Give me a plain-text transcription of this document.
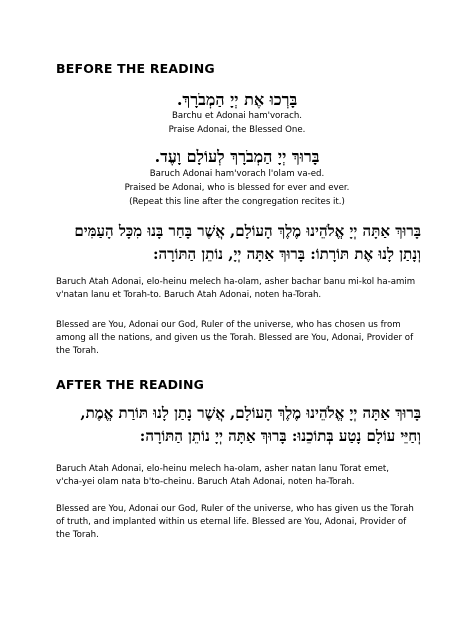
BEFORE THE READING
בָּרְכוּ אֶת יְיָ הַמְבֹרָךְ.
Barchu et Adonai ham'vorach.
Praise Adonai, the Blessed One.
בָּרוּךְ יְיָ הַמְבֹרָךְ לְעוֹלָם וָעֶד.
Baruch Adonai ham'vorach l'olam va-ed.
Praised be Adonai, who is blessed for ever and ever.
(Repeat this line after the congregation recites it.)
בָּרוּךְ אַתָּה יְיָ אֱלֹהֵינוּ מֶלֶךְ הָעוֹלָם, אֲשֶׁר בָּחַר בָּנוּ מִכָּל הָעַמִּים
וְנָתַן לָנוּ אֶת תּוֹרָתוֹ: בָּרוּךְ אַתָּה יְיָ, נוֹתֵן הַתּוֹרָה:
Baruch Atah Adonai, elo-heinu melech ha-olam, asher bachar banu mi-kol ha-amim
v'natan lanu et Torah-to. Baruch Atah Adonai, noten ha-Torah.
Blessed are You, Adonai our God, Ruler of the universe, who has chosen us from
among all the nations, and given us the Torah. Blessed are You, Adonai, Provider of
the Torah.
AFTER THE READING
בָּרוּךְ אַתָּה יְיָ אֱלֹהֵינוּ מֶלֶךְ הָעוֹלָם, אֲשֶׁר נָתַן לָנוּ תּוֹרַת אֱמֶת,
וְחַיֵּי עוֹלָם נָטַע בְּתוֹכֵנוּ: בָּרוּךְ אַתָּה יְיָ נוֹתֵן הַתּוֹרָה:
Baruch Atah Adonai, elo-heinu melech ha-olam, asher natan lanu Torat emet,
v'cha-yei olam nata b'to-cheinu. Baruch Atah Adonai, noten ha-Torah.
Blessed are You, Adonai our God, Ruler of the universe, who has given us the Torah
of truth, and implanted within us eternal life. Blessed are You, Adonai, Provider of
the Torah.
